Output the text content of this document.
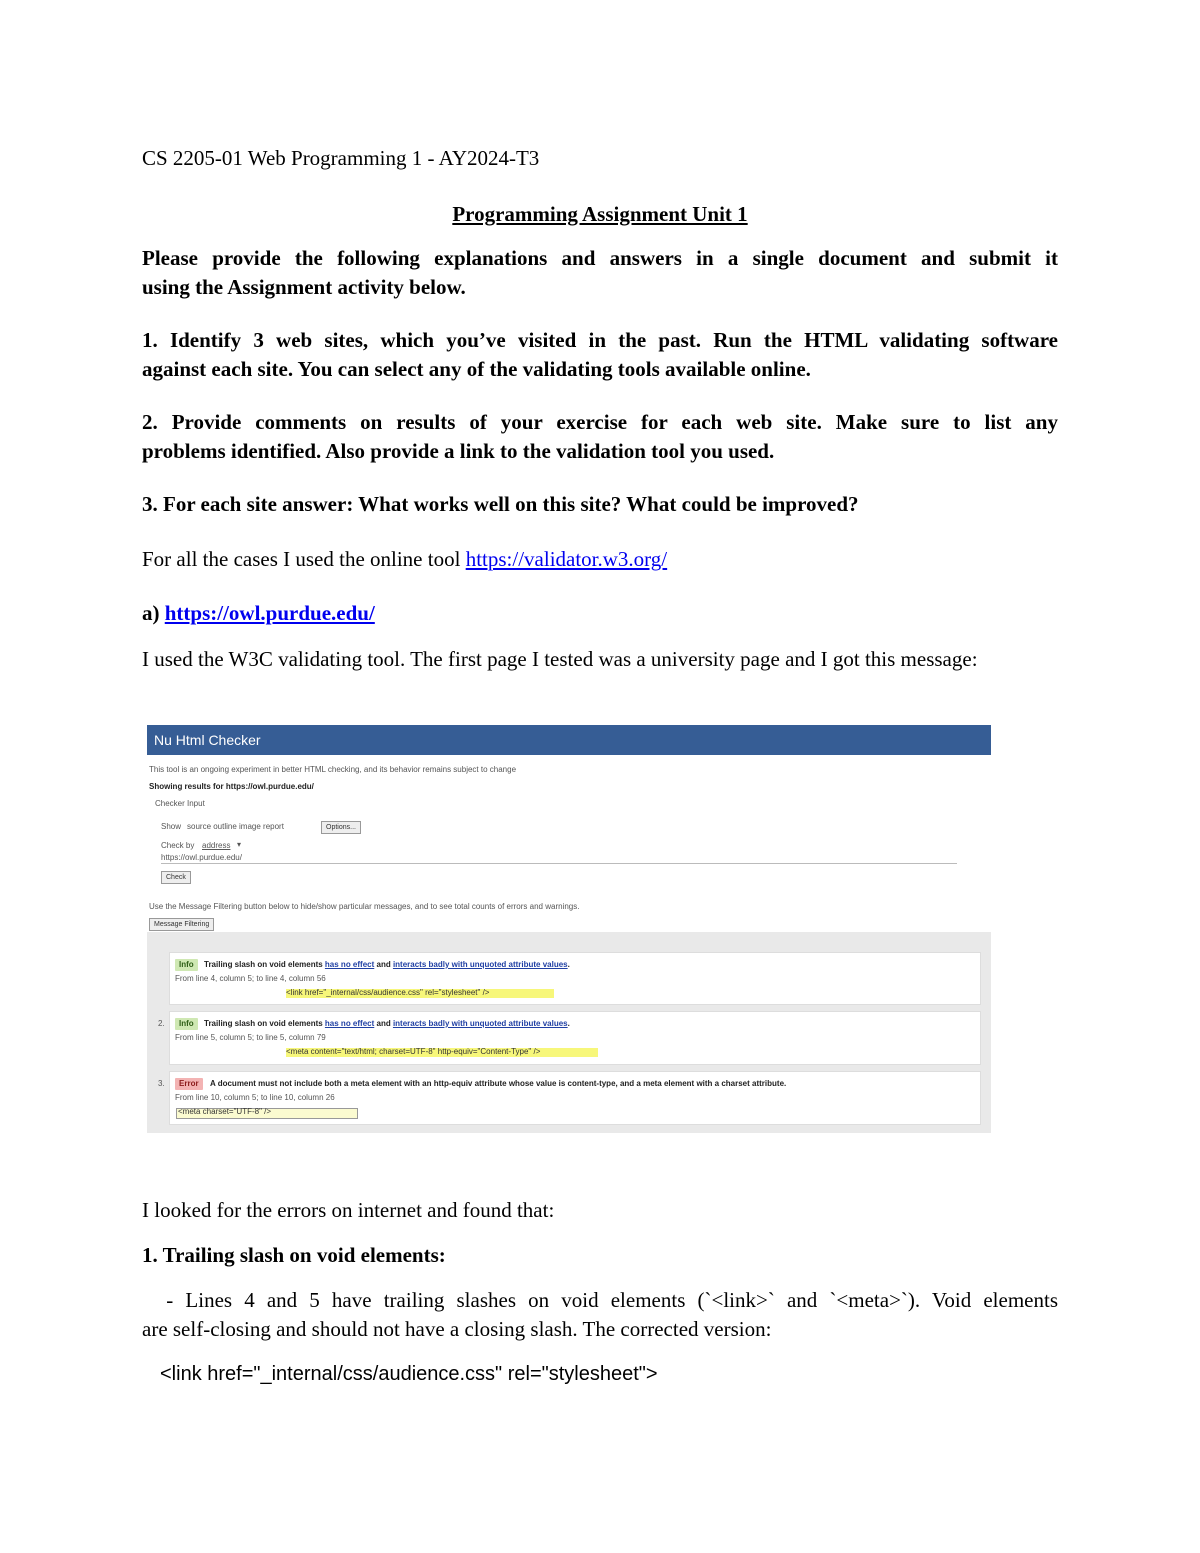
CS 2205-01 Web Programming 1 - AY2024-T3
Programming Assignment Unit 1
Please provide the following explanations and answers in a single document and submit it
using the Assignment activity below.
1. Identify 3 web sites, which you’ve visited in the past. Run the HTML validating software
against each site. You can select any of the validating tools available online.
2. Provide comments on results of your exercise for each web site. Make sure to list any
problems identified. Also provide a link to the validation tool you used.
3. For each site answer: What works well on this site? What could be improved?
For all the cases I used the online tool https://validator.w3.org/
a) https://owl.purdue.edu/
I used the W3C validating tool. The first page I tested was a university page and I got this message:
Nu Html Checker
This tool is an ongoing experiment in better HTML checking, and its behavior remains subject to change
Showing results for https://owl.purdue.edu/
Checker Input
Show source outline image report	Options...
Check by address ▾
https://owl.purdue.edu/
Check
Use the Message Filtering button below to hide/show particular messages, and to see total counts of errors and warnings.
Message Filtering
Info	Trailing slash on void elements has no effect and interacts badly with unquoted attribute values.
From line 4, column 5; to line 4, column 56
<link href="_internal/css/audience.css" rel="stylesheet" />
2.	Info	Trailing slash on void elements has no effect and interacts badly with unquoted attribute values.
From line 5, column 5; to line 5, column 79
<meta content="text/html; charset=UTF-8" http-equiv="Content-Type" />
3.	Error	A document must not include both a meta element with an http-equiv attribute whose value is content-type, and a meta element with a charset attribute.
From line 10, column 5; to line 10, column 26
<meta charset="UTF-8" />
I looked for the errors on internet and found that:
1. Trailing slash on void elements:
- Lines 4 and 5 have trailing slashes on void elements (`<link>` and `<meta>`). Void elements
are self-closing and should not have a closing slash. The corrected version:
<link href="_internal/css/audience.css" rel="stylesheet">
